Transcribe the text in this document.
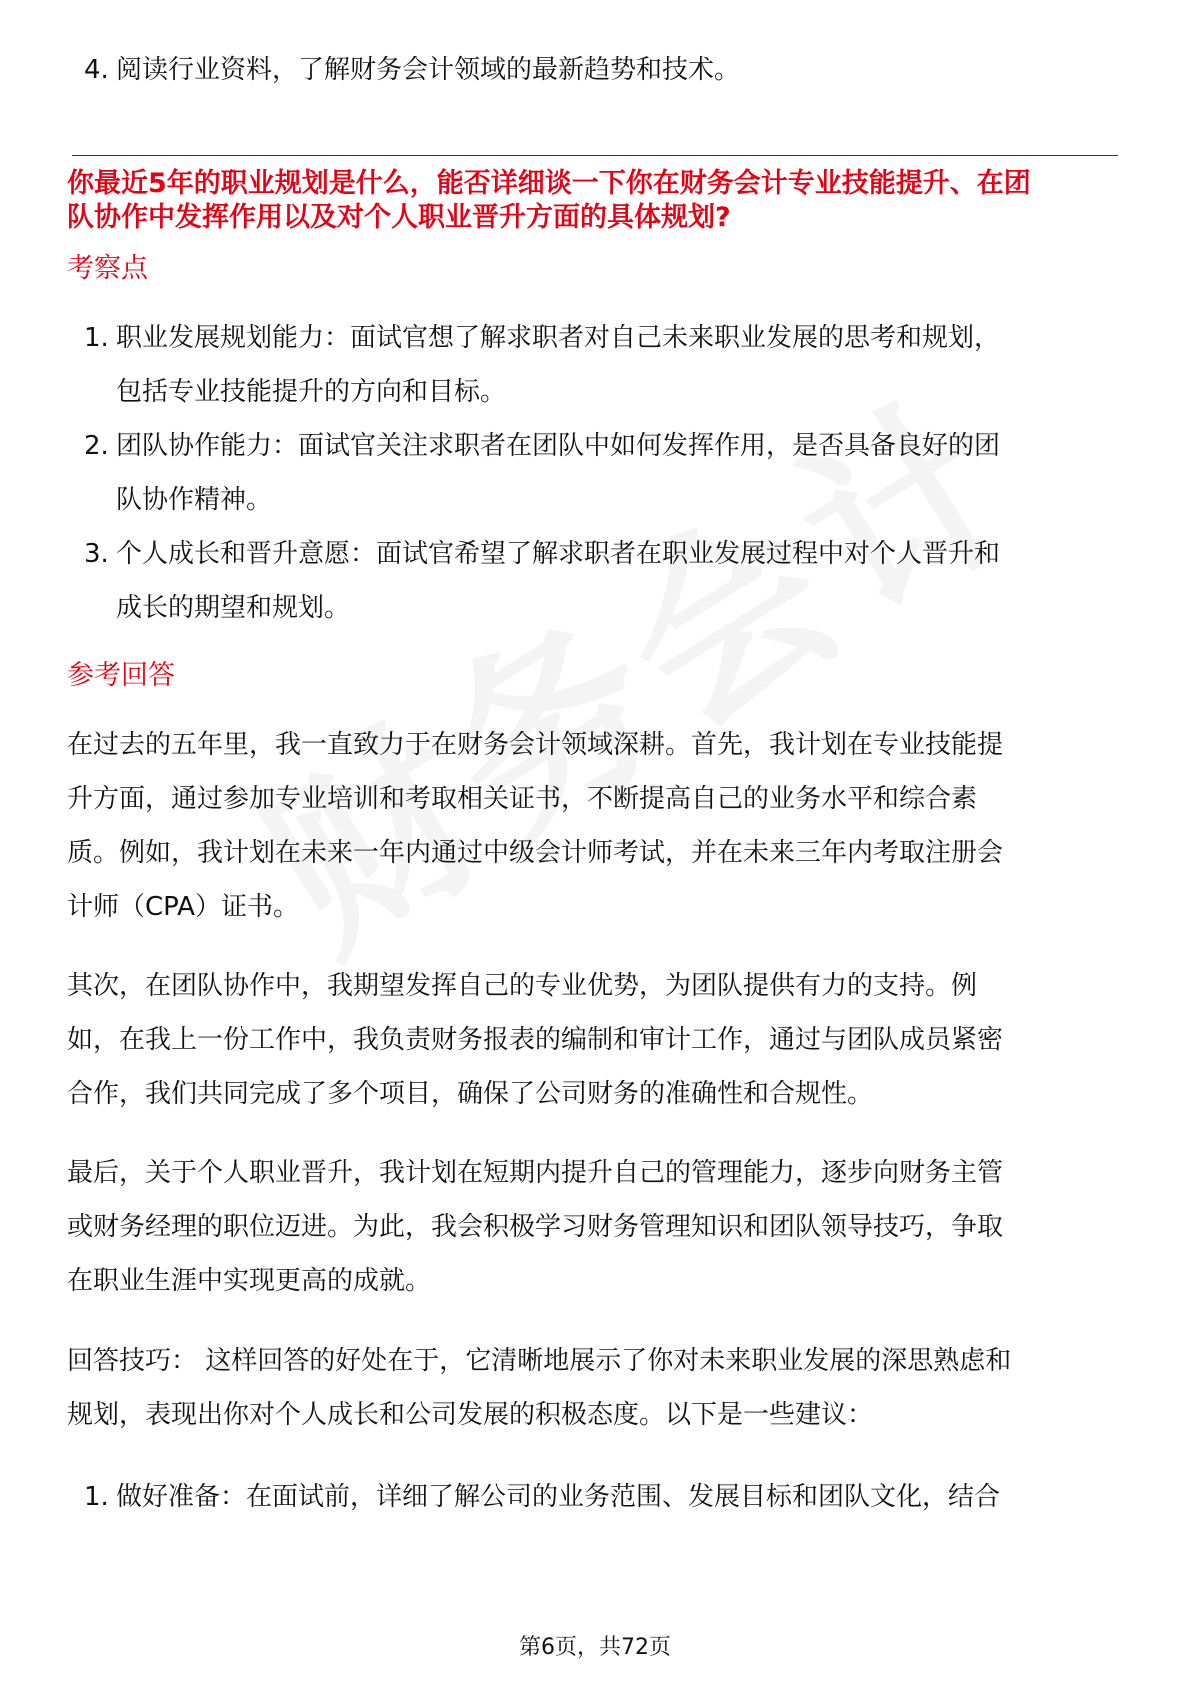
4. 阅读行业资料，了解财务会计领域的最新趋势和技术。
你最近5年的职业规划是什么，能否详细谈一下你在财务会计专业技能提升、在团
队协作中发挥作用以及对个人职业晋升方面的具体规划?
考察点
1. 职业发展规划能力：面试官想了解求职者对自己未来职业发展的思考和规划，
包括专业技能提升的方向和目标。
2. 团队协作能力：面试官关注求职者在团队中如何发挥作用，是否具备良好的团
队协作精神。
3. 个人成长和晋升意愿：面试官希望了解求职者在职业发展过程中对个人晋升和
成长的期望和规划。
参考回答
在过去的五年里，我一直致力于在财务会计领域深耕。首先，我计划在专业技能提
升方面，通过参加专业培训和考取相关证书，不断提高自己的业务水平和综合素
质。例如，我计划在未来一年内通过中级会计师考试，并在未来三年内考取注册会
计师（CPA）证书。
其次，在团队协作中，我期望发挥自己的专业优势，为团队提供有力的支持。例
如，在我上一份工作中，我负责财务报表的编制和审计工作，通过与团队成员紧密
合作，我们共同完成了多个项目，确保了公司财务的准确性和合规性。
最后，关于个人职业晋升，我计划在短期内提升自己的管理能力，逐步向财务主管
或财务经理的职位迈进。为此，我会积极学习财务管理知识和团队领导技巧，争取
在职业生涯中实现更高的成就。
回答技巧： 这样回答的好处在于，它清晰地展示了你对未来职业发展的深思熟虑和
规划，表现出你对个人成长和公司发展的积极态度。以下是一些建议：
1. 做好准备：在面试前，详细了解公司的业务范围、发展目标和团队文化，结合
第6页，共72页
